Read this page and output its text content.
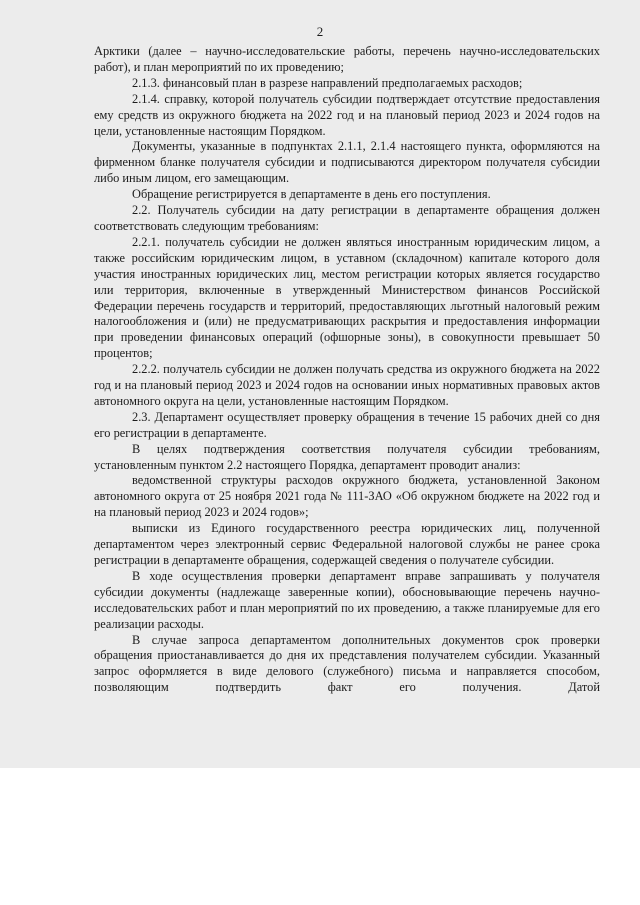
2

Арктики (далее – научно-исследовательские работы, перечень научно-исследовательских работ), и план мероприятий по их проведению;

2.1.3. финансовый план в разрезе направлений предполагаемых расходов;

2.1.4. справку, которой получатель субсидии подтверждает отсутствие предоставления ему средств из окружного бюджета на 2022 год и на плановый период 2023 и 2024 годов на цели, установленные настоящим Порядком.

Документы, указанные в подпунктах 2.1.1, 2.1.4 настоящего пункта, оформляются на фирменном бланке получателя субсидии и подписываются директором получателя субсидии либо иным лицом, его замещающим.

Обращение регистрируется в департаменте в день его поступления.

2.2. Получатель субсидии на дату регистрации в департаменте обращения должен соответствовать следующим требованиям:

2.2.1. получатель субсидии не должен являться иностранным юридическим лицом, а также российским юридическим лицом, в уставном (складочном) капитале которого доля участия иностранных юридических лиц, местом регистрации которых является государство или территория, включенные в утвержденный Министерством финансов Российской Федерации перечень государств и территорий, предоставляющих льготный налоговый режим налогообложения и (или) не предусматривающих раскрытия и предоставления информации при проведении финансовых операций (офшорные зоны), в совокупности превышает 50 процентов;

2.2.2. получатель субсидии не должен получать средства из окружного бюджета на 2022 год и на плановый период 2023 и 2024 годов на основании иных нормативных правовых актов автономного округа на цели, установленные настоящим Порядком.

2.3. Департамент осуществляет проверку обращения в течение 15 рабочих дней со дня его регистрации в департаменте.

В целях подтверждения соответствия получателя субсидии требованиям, установленным пунктом 2.2 настоящего Порядка, департамент проводит анализ:

ведомственной структуры расходов окружного бюджета, установленной Законом автономного округа от 25 ноября 2021 года № 111-ЗАО «Об окружном бюджете на 2022 год и на плановый период 2023 и 2024 годов»;

выписки из Единого государственного реестра юридических лиц, полученной департаментом через электронный сервис Федеральной налоговой службы не ранее срока регистрации в департаменте обращения, содержащей сведения о получателе субсидии.

В ходе осуществления проверки департамент вправе запрашивать у получателя субсидии документы (надлежаще заверенные копии), обосновывающие перечень научно-исследовательских работ и план мероприятий по их проведению, а также планируемые для его реализации расходы.

В случае запроса департаментом дополнительных документов срок проверки обращения приостанавливается до дня их представления получателем субсидии. Указанный запрос оформляется в виде делового (служебного) письма и направляется способом, позволяющим подтвердить факт его получения. Датой
